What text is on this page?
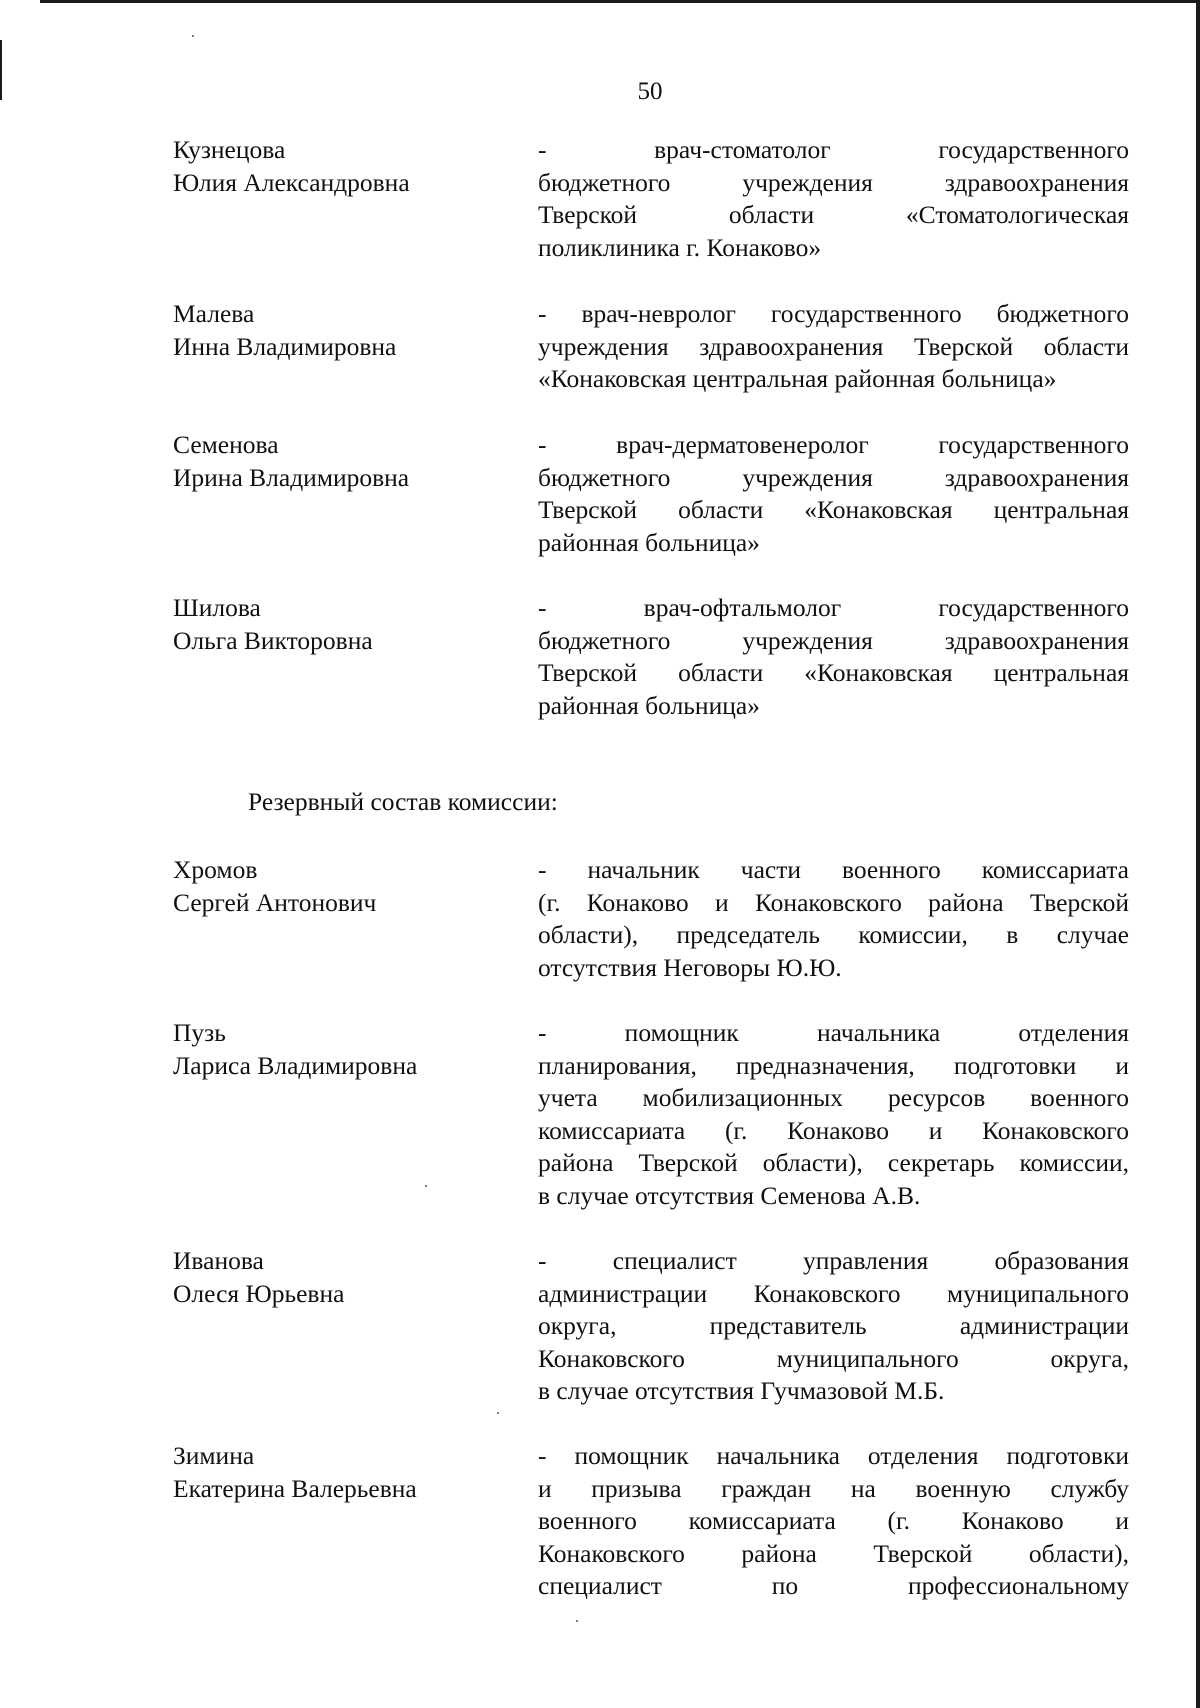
50
Кузнецова
Юлия Александровна
- врач-стоматолог государственного
бюджетного учреждения здравоохранения
Тверской области «Стоматологическая
поликлиника г. Конаково»
Малева
Инна Владимировна
- врач-невролог государственного бюджетного
учреждения здравоохранения Тверской области
«Конаковская центральная районная больница»
Семенова
Ирина Владимировна
- врач-дерматовенеролог государственного
бюджетного учреждения здравоохранения
Тверской области «Конаковская центральная
районная больница»
Шилова
Ольга Викторовна
- врач-офтальмолог государственного
бюджетного учреждения здравоохранения
Тверской области «Конаковская центральная
районная больница»
Резервный состав комиссии:
Хромов
Сергей Антонович
- начальник части военного комиссариата
(г. Конаково и Конаковского района Тверской
области), председатель комиссии, в случае
отсутствия Неговоры Ю.Ю.
Пузь
Лариса Владимировна
- помощник начальника отделения
планирования, предназначения, подготовки и
учета мобилизационных ресурсов военного
комиссариата (г. Конаково и Конаковского
района Тверской области), секретарь комиссии,
в случае отсутствия Семенова А.В.
Иванова
Олеся Юрьевна
- специалист управления образования
администрации Конаковского муниципального
округа, представитель администрации
Конаковского муниципального округа,
в случае отсутствия Гучмазовой М.Б.
Зимина
Екатерина Валерьевна
- помощник начальника отделения подготовки
и призыва граждан на военную службу
военного комиссариата (г. Конаково и
Конаковского района Тверской области),
специалист по профессиональному
